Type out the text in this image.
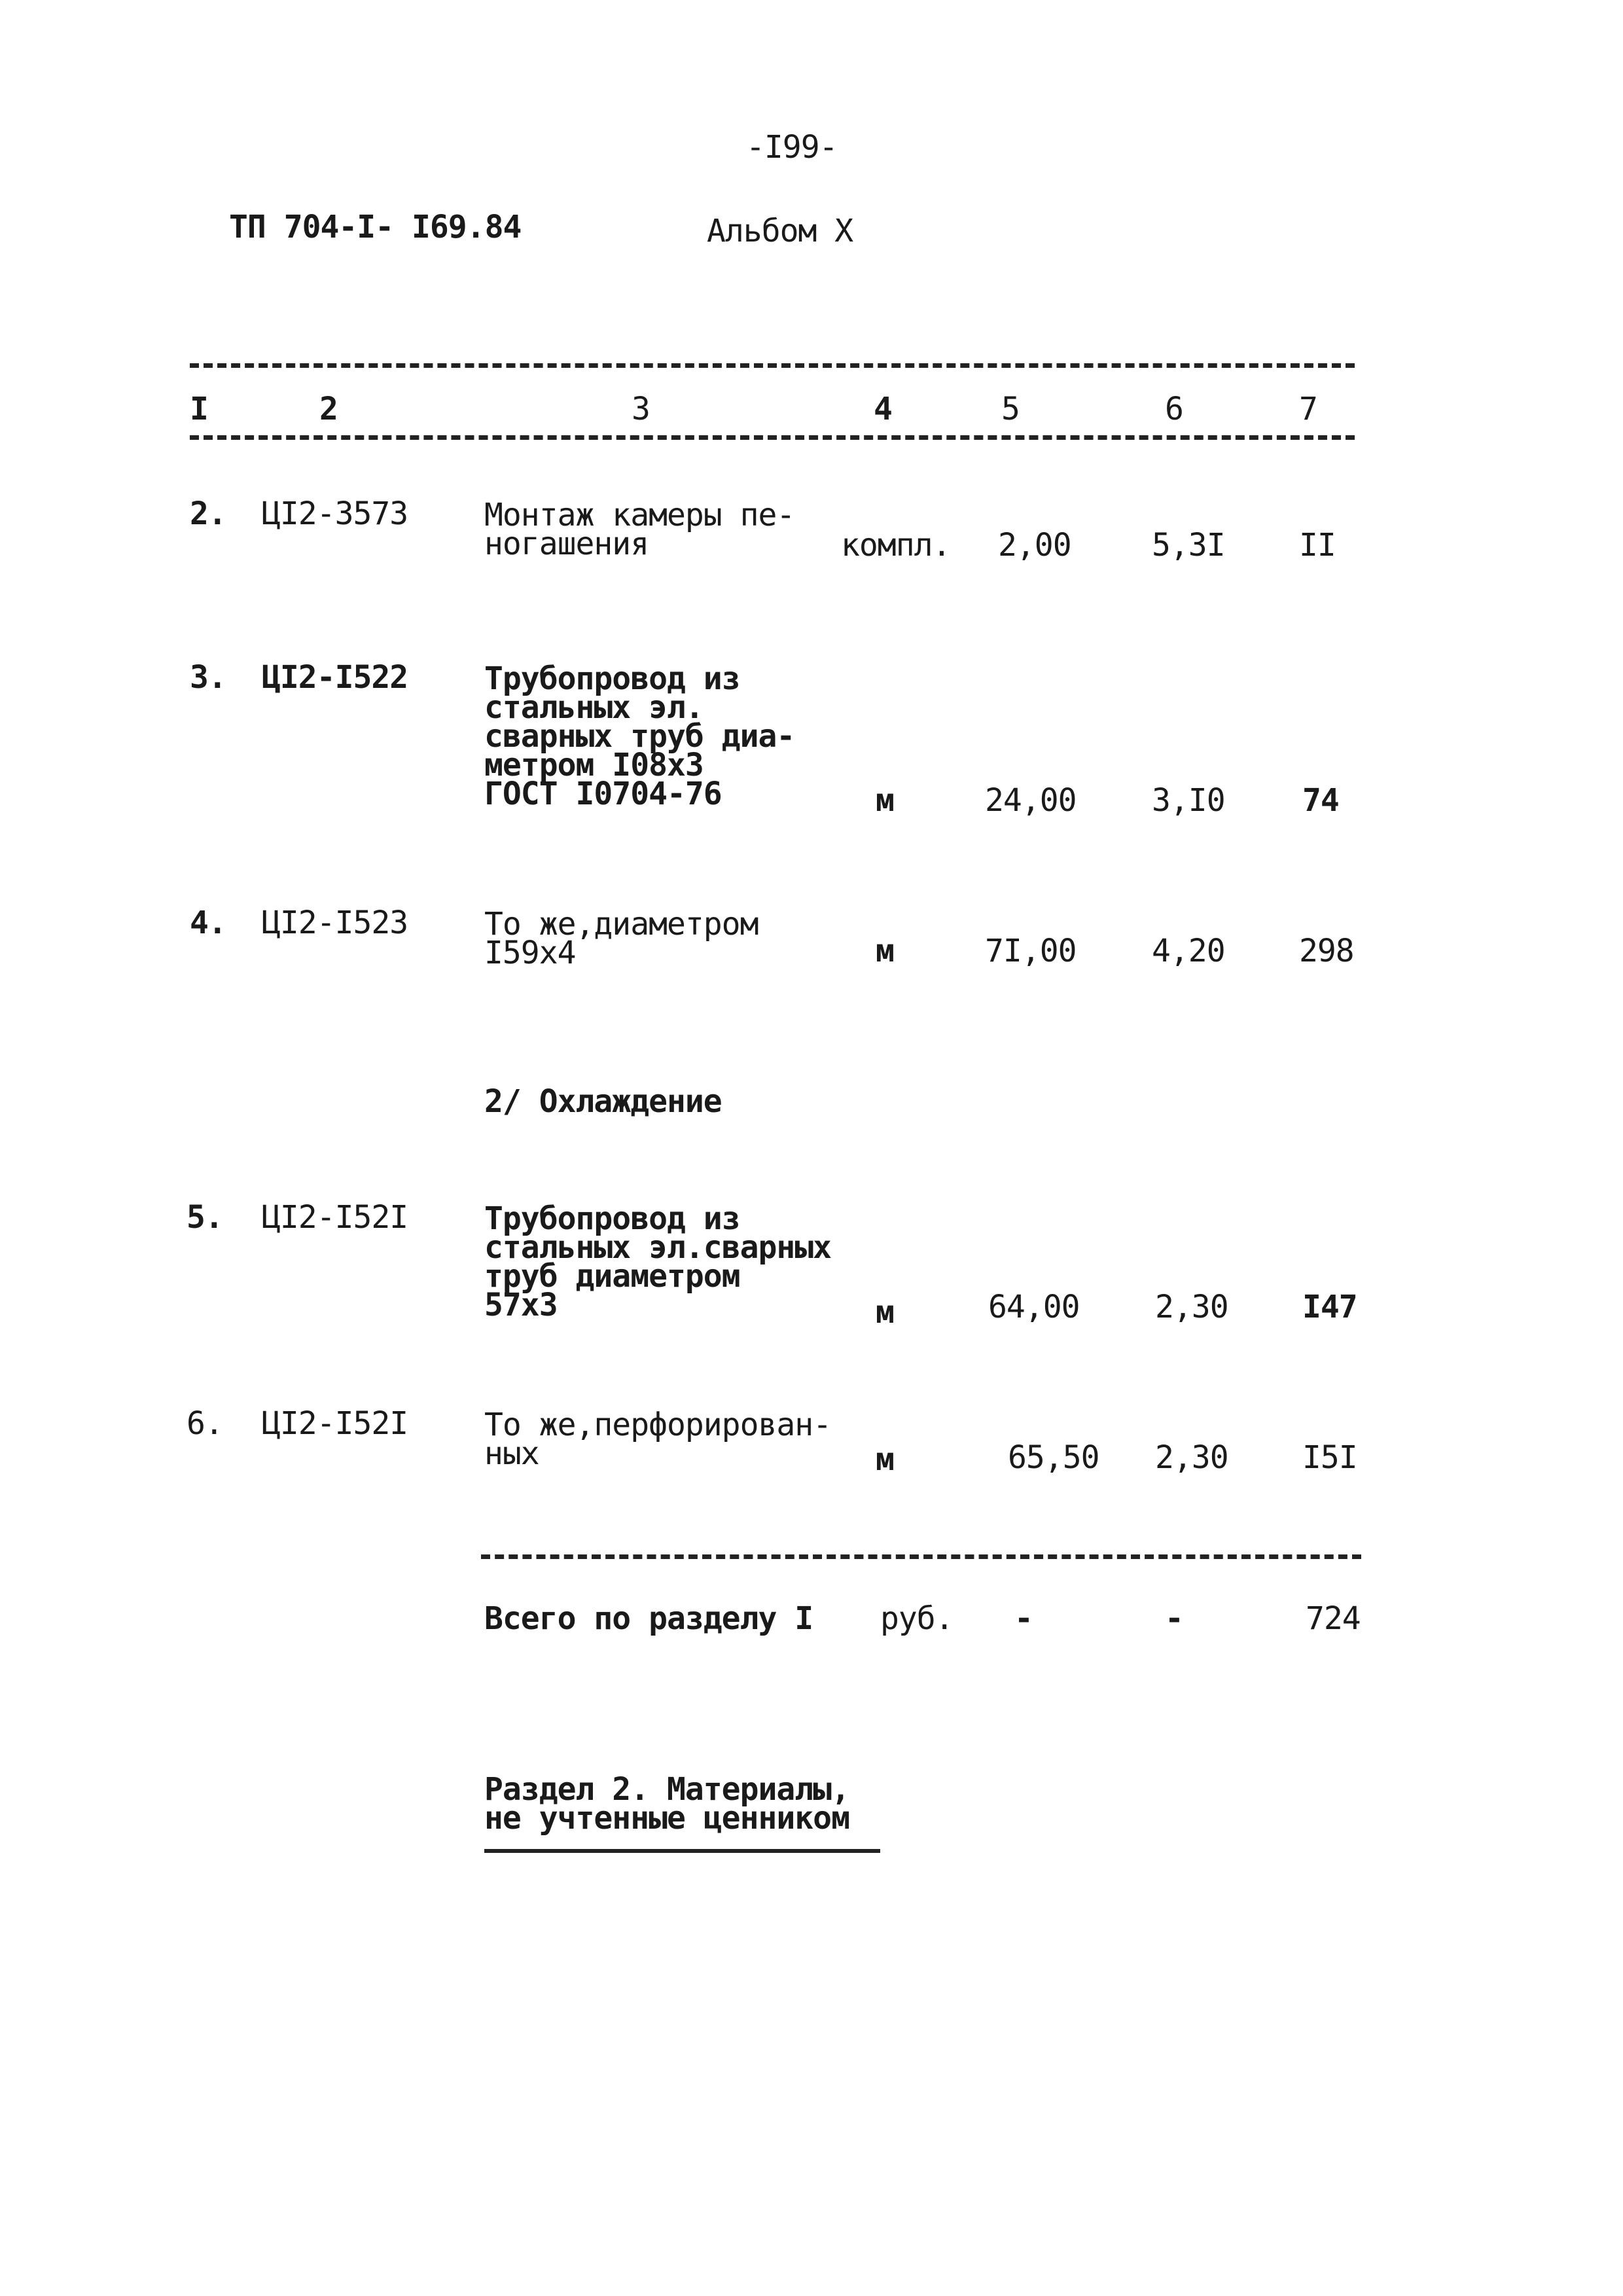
-I99-
ТП 704-I- I69.84	Альбом X
I	2	3	4	5	6	7
2. ЦI2-3573 Монтаж камеры пе-
ногашения	компл. 2,00	5,3I II
3. ЦI2-I522 Трубопровод из
стальных эл.
сварных труб диа-
метром I08х3
ГОСТ I0704-76	м	24,00 3,I0 74
4. ЦI2-I523 То же,диаметром
I59х4	м	7I,00 4,20 298
2/ Охлаждение
5. ЦI2-I52I Трубопровод из
стальных эл.сварных
труб диаметром
57х3	м	64,00 2,30 I47
6. ЦI2-I52I То же,перфорирован-
ных	м	65,50 2,30 I5I
Всего по разделу I руб. -	-	724
Раздел 2. Материалы,
не учтенные ценником
